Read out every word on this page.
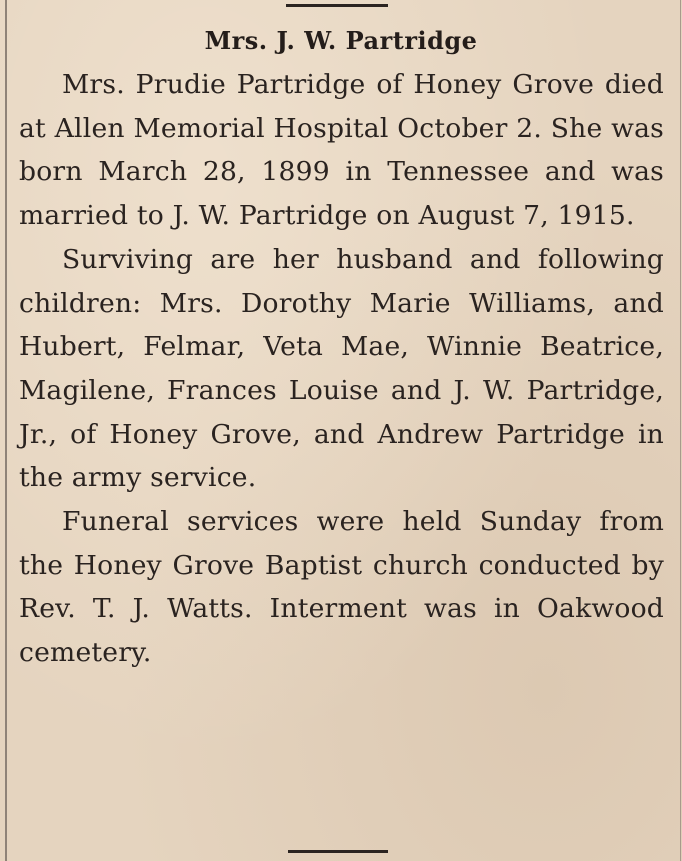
Mrs. J. W. Partridge

Mrs. Prudie Partridge of Honey Grove died at Allen Memorial Hospital October 2. She was born March 28, 1899 in Tennessee and was married to J. W. Partridge on August 7, 1915.

Surviving are her husband and following children: Mrs. Dorothy Marie Williams, and Hubert, Felmar, Veta Mae, Winnie Beatrice, Magilene, Frances Louise and J. W. Partridge, Jr., of Honey Grove, and Andrew Partridge in the army service.

Funeral services were held Sunday from the Honey Grove Baptist church conducted by Rev. T. J. Watts. Interment was in Oakwood cemetery.
